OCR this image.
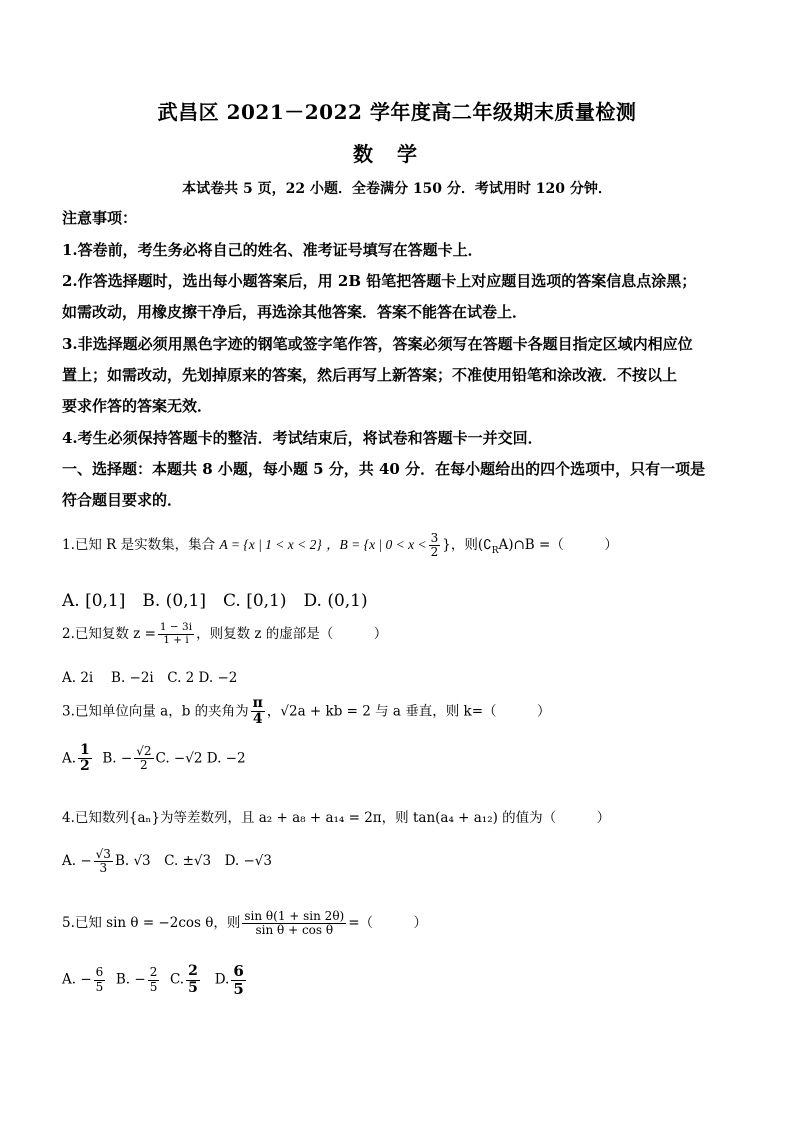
武昌区 2021－2022 学年度高二年级期末质量检测
数学
本试卷共 5 页，22 小题．全卷满分 150 分．考试用时 120 分钟．
注意事项：
1.答卷前，考生务必将自己的姓名、准考证号填写在答题卡上．
2.作答选择题时，选出每小题答案后，用 2B 铅笔把答题卡上对应题目选项的答案信息点涂黑；
如需改动，用橡皮擦干净后，再选涂其他答案．答案不能答在试卷上．
3.非选择题必须用黑色字迹的钢笔或签字笔作答，答案必须写在答题卡各题目指定区域内相应位
置上；如需改动，先划掉原来的答案，然后再写上新答案；不准使用铅笔和涂改液．不按以上
要求作答的答案无效．
4.考生必须保持答题卡的整洁．考试结束后，将试卷和答题卡一并交回．
一、选择题：本题共 8 小题，每小题 5 分，共 40 分．在每小题给出的四个选项中，只有一项是
符合题目要求的．
1.已知 R 是实数集，集合 A = {x | 1 < x < 2} ，B = {x | $0 < x < \frac{3}{2}$ }，则$(∁_RA)\cap B$ =（　　　）
A. [0,1]　B. (0,1]　C. [0,1)　D. (0,1)
2.已知复数 $z = \frac{1 - 3i}{1 + i}$ ，则复数 z 的虚部是（　　　）
A. 2i　 B. −2i　C. 2 D. −2
3.已知单位向量 a，b 的夹角为 $\frac{\pi}{4}$ ，√2a + kb = 2 与 a 垂直，则 k=（　　　）
A. $\frac{1}{2} B$. − $\frac{√2}{2} C$. −√2 D. −2
4.已知数列{aₙ}为等差数列，且 a₂ + a₈ + a₁₄ = 2π，则 tan(a₄ + a₁₂) 的值为（　　　）
A. − $\frac{√3}{3} B$. √3　C. ±√3　D. −√3
5.已知 sin θ = −2cos θ，则 $\frac{\text{sin θ(1 + sin 2θ)}}{\text{sin θ + cos θ}}$ =（　　　）
A. − $\frac{6}{5} B$. − $\frac{2}{5} C$. $\frac{2}{5} D$. $\frac{6}{5}$
